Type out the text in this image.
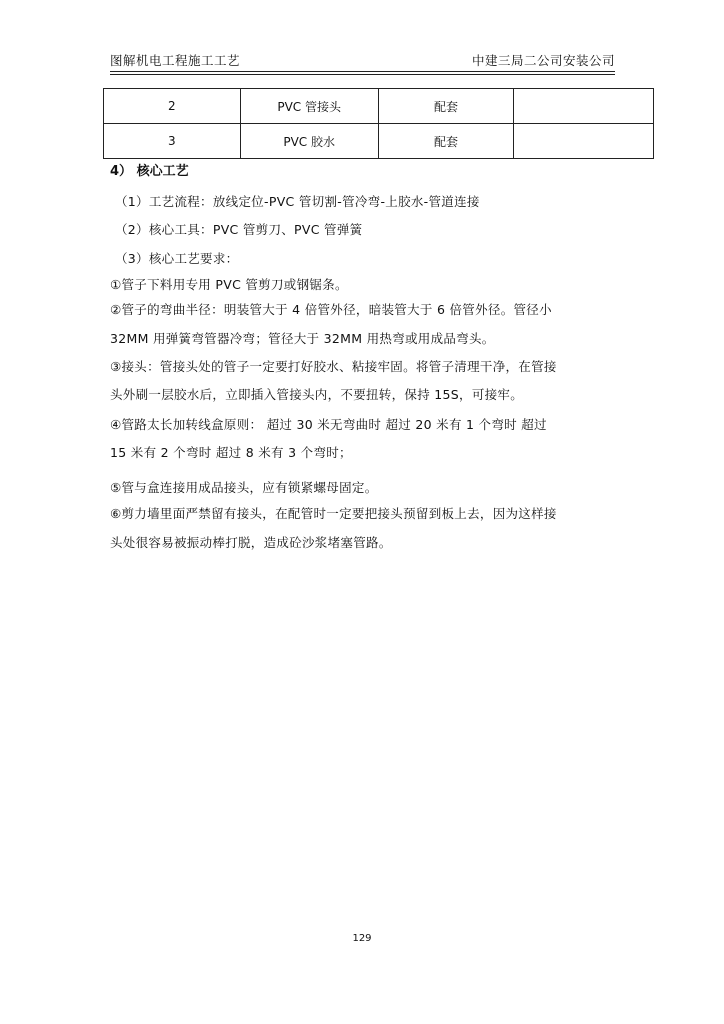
图解机电工程施工工艺	中建三局二公司安装公司
2	PVC 管接头	配套	
3	PVC 胶水	配套	
4） 核心工艺
（1）工艺流程：放线定位-PVC 管切割-管冷弯-上胶水-管道连接
（2）核心工具：PVC 管剪刀、PVC 管弹簧
（3）核心工艺要求：
①管子下料用专用 PVC 管剪刀或钢锯条。
②管子的弯曲半径：明装管大于 4 倍管外径，暗装管大于 6 倍管外径。管径小
32MM 用弹簧弯管器冷弯；管径大于 32MM 用热弯或用成品弯头。
③接头：管接头处的管子一定要打好胶水、粘接牢固。将管子清理干净，在管接
头外刷一层胶水后，立即插入管接头内，不要扭转，保持 15S，可接牢。
④管路太长加转线盒原则： 超过 30 米无弯曲时 超过 20 米有 1 个弯时 超过
15 米有 2 个弯时 超过 8 米有 3 个弯时；
⑤管与盒连接用成品接头，应有锁紧螺母固定。
⑥剪力墙里面严禁留有接头，在配管时一定要把接头预留到板上去，因为这样接
头处很容易被振动棒打脱，造成砼沙浆堵塞管路。
129
